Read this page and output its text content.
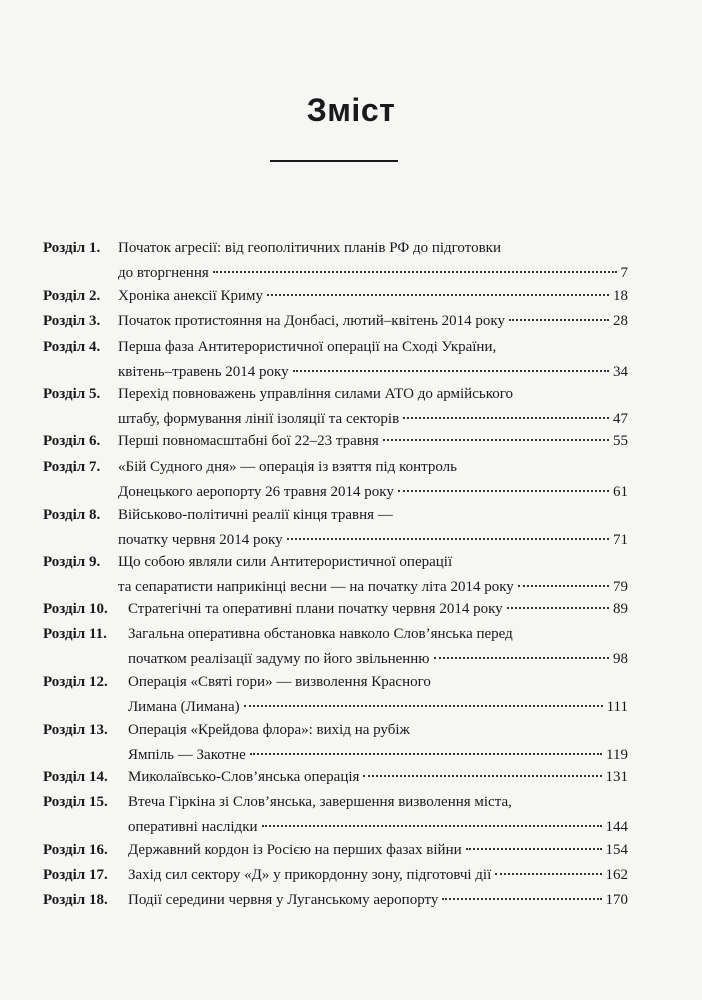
Зміст
Розділ 1. Початок агресії: від геополітичних планів РФ до підготовки
до вторгнення	7
Розділ 2. Хроніка анексії Криму	18
Розділ 3. Початок протистояння на Донбасі, лютий–квітень 2014 року	28
Розділ 4. Перша фаза Антитерористичної операції на Сході України,
квітень–травень 2014 року	34
Розділ 5. Перехід повноважень управління силами АТО до армійського
штабу, формування лінії ізоляції та секторів	47
Розділ 6. Перші повномасштабні бої 22–23 травня	55
Розділ 7. «Бій Судного дня» — операція із взяття під контроль
Донецького аеропорту 26 травня 2014 року	61
Розділ 8. Військово-політичні реалії кінця травня —
початку червня 2014 року	71
Розділ 9. Що собою являли сили Антитерористичної операції
та сепаратисти наприкінці весни — на початку літа 2014 року	79
Розділ 10. Стратегічні та оперативні плани початку червня 2014 року	89
Розділ 11. Загальна оперативна обстановка навколо Слов’янська перед
початком реалізації задуму по його звільненню	98
Розділ 12. Операція «Святі гори» — визволення Красного
Лимана (Лимана)	111
Розділ 13. Операція «Крейдова флора»: вихід на рубіж
Ямпіль — Закотне	119
Розділ 14. Миколаївсько-Слов’янська операція	131
Розділ 15. Втеча Гіркіна зі Слов’янська, завершення визволення міста,
оперативні наслідки	144
Розділ 16. Державний кордон із Росією на перших фазах війни	154
Розділ 17. Захід сил сектору «Д» у прикордонну зону, підготовчі дії	162
Розділ 18. Події середини червня у Луганському аеропорту	170
